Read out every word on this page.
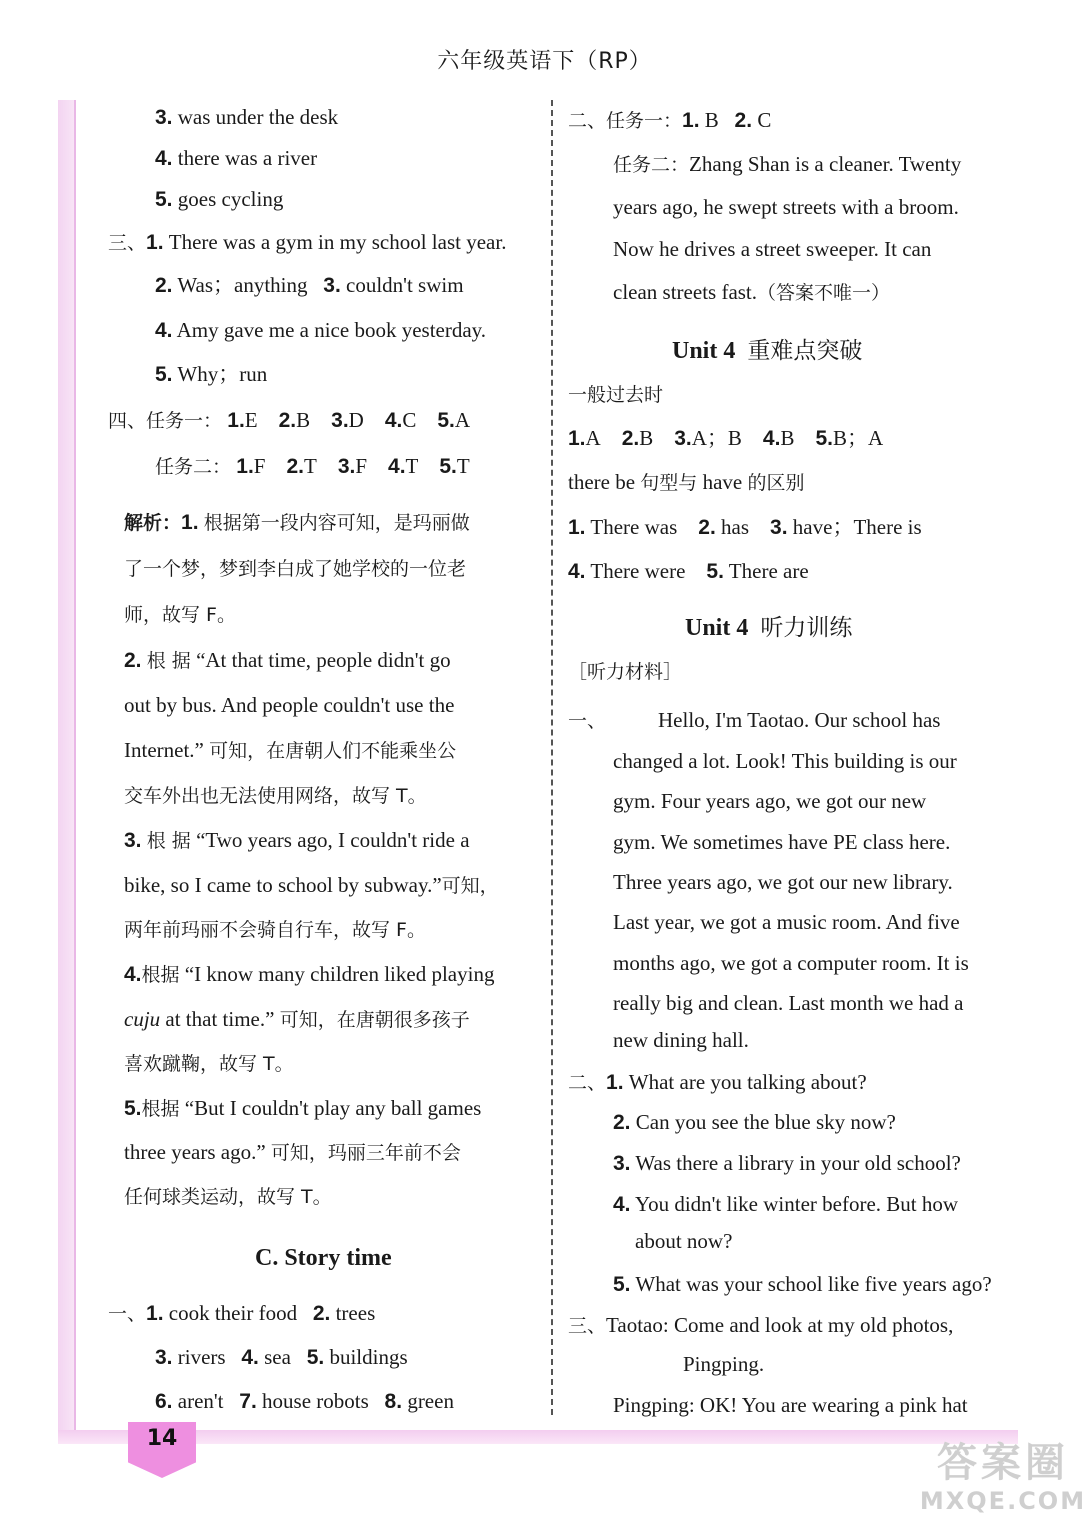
六年级英语下（RP）
14
3. was under the desk
4. there was a river
5. goes cycling
三、1. There was a gym in my school last year.
2. Was；anything 3. couldn't swim
4. Amy gave me a nice book yesterday.
5. Why；run
四、任务一： 1.E 2.B 3.D 4.C 5.A
任务二： 1.F 2.T 3.F 4.T 5.T
解析：1. 根据第一段内容可知，是玛丽做
了一个梦，梦到李白成了她学校的一位老
师，故写 F。
2. 根 据 “At that time, people didn't go
out by bus. And people couldn't use the
Internet.” 可知，在唐朝人们不能乘坐公
交车外出也无法使用网络，故写 T。
3. 根 据 “Two years ago, I couldn't ride a
bike, so I came to school by subway.”可知，
两年前玛丽不会骑自行车，故写 F。
4.根据 “I know many children liked playing
cuju at that time.” 可知，在唐朝很多孩子
喜欢蹴鞠，故写 T。
5.根据 “But I couldn't play any ball games
three years ago.” 可知，玛丽三年前不会
任何球类运动，故写 T。
C. Story time
一、1. cook their food 2. trees
3. rivers 4. sea 5. buildings
6. aren't 7. house robots 8. green
二、任务一：1. B 2. C
任务二：Zhang Shan is a cleaner. Twenty
years ago, he swept streets with a broom.
Now he drives a street sweeper. It can
clean streets fast.（答案不唯一）
Unit 4 重难点突破
一般过去时
1.A 2.B 3.A；B 4.B 5.B；A
there be 句型与 have 的区别
1. There was 2. has 3. have；There is
4. There were 5. There are
Unit 4 听力训练
［听力材料］
一、 Hello, I'm Taotao. Our school has
changed a lot. Look! This building is our
gym. Four years ago, we got our new
gym. We sometimes have PE class here.
Three years ago, we got our new library.
Last year, we got a music room. And five
months ago, we got a computer room. It is
really big and clean. Last month we had a
new dining hall.
二、1. What are you talking about?
2. Can you see the blue sky now?
3. Was there a library in your old school?
4. You didn't like winter before. But how
about now?
5. What was your school like five years ago?
三、Taotao: Come and look at my old photos,
Pingping.
Pingping: OK! You are wearing a pink hat
答案圈
MXQE.COM
